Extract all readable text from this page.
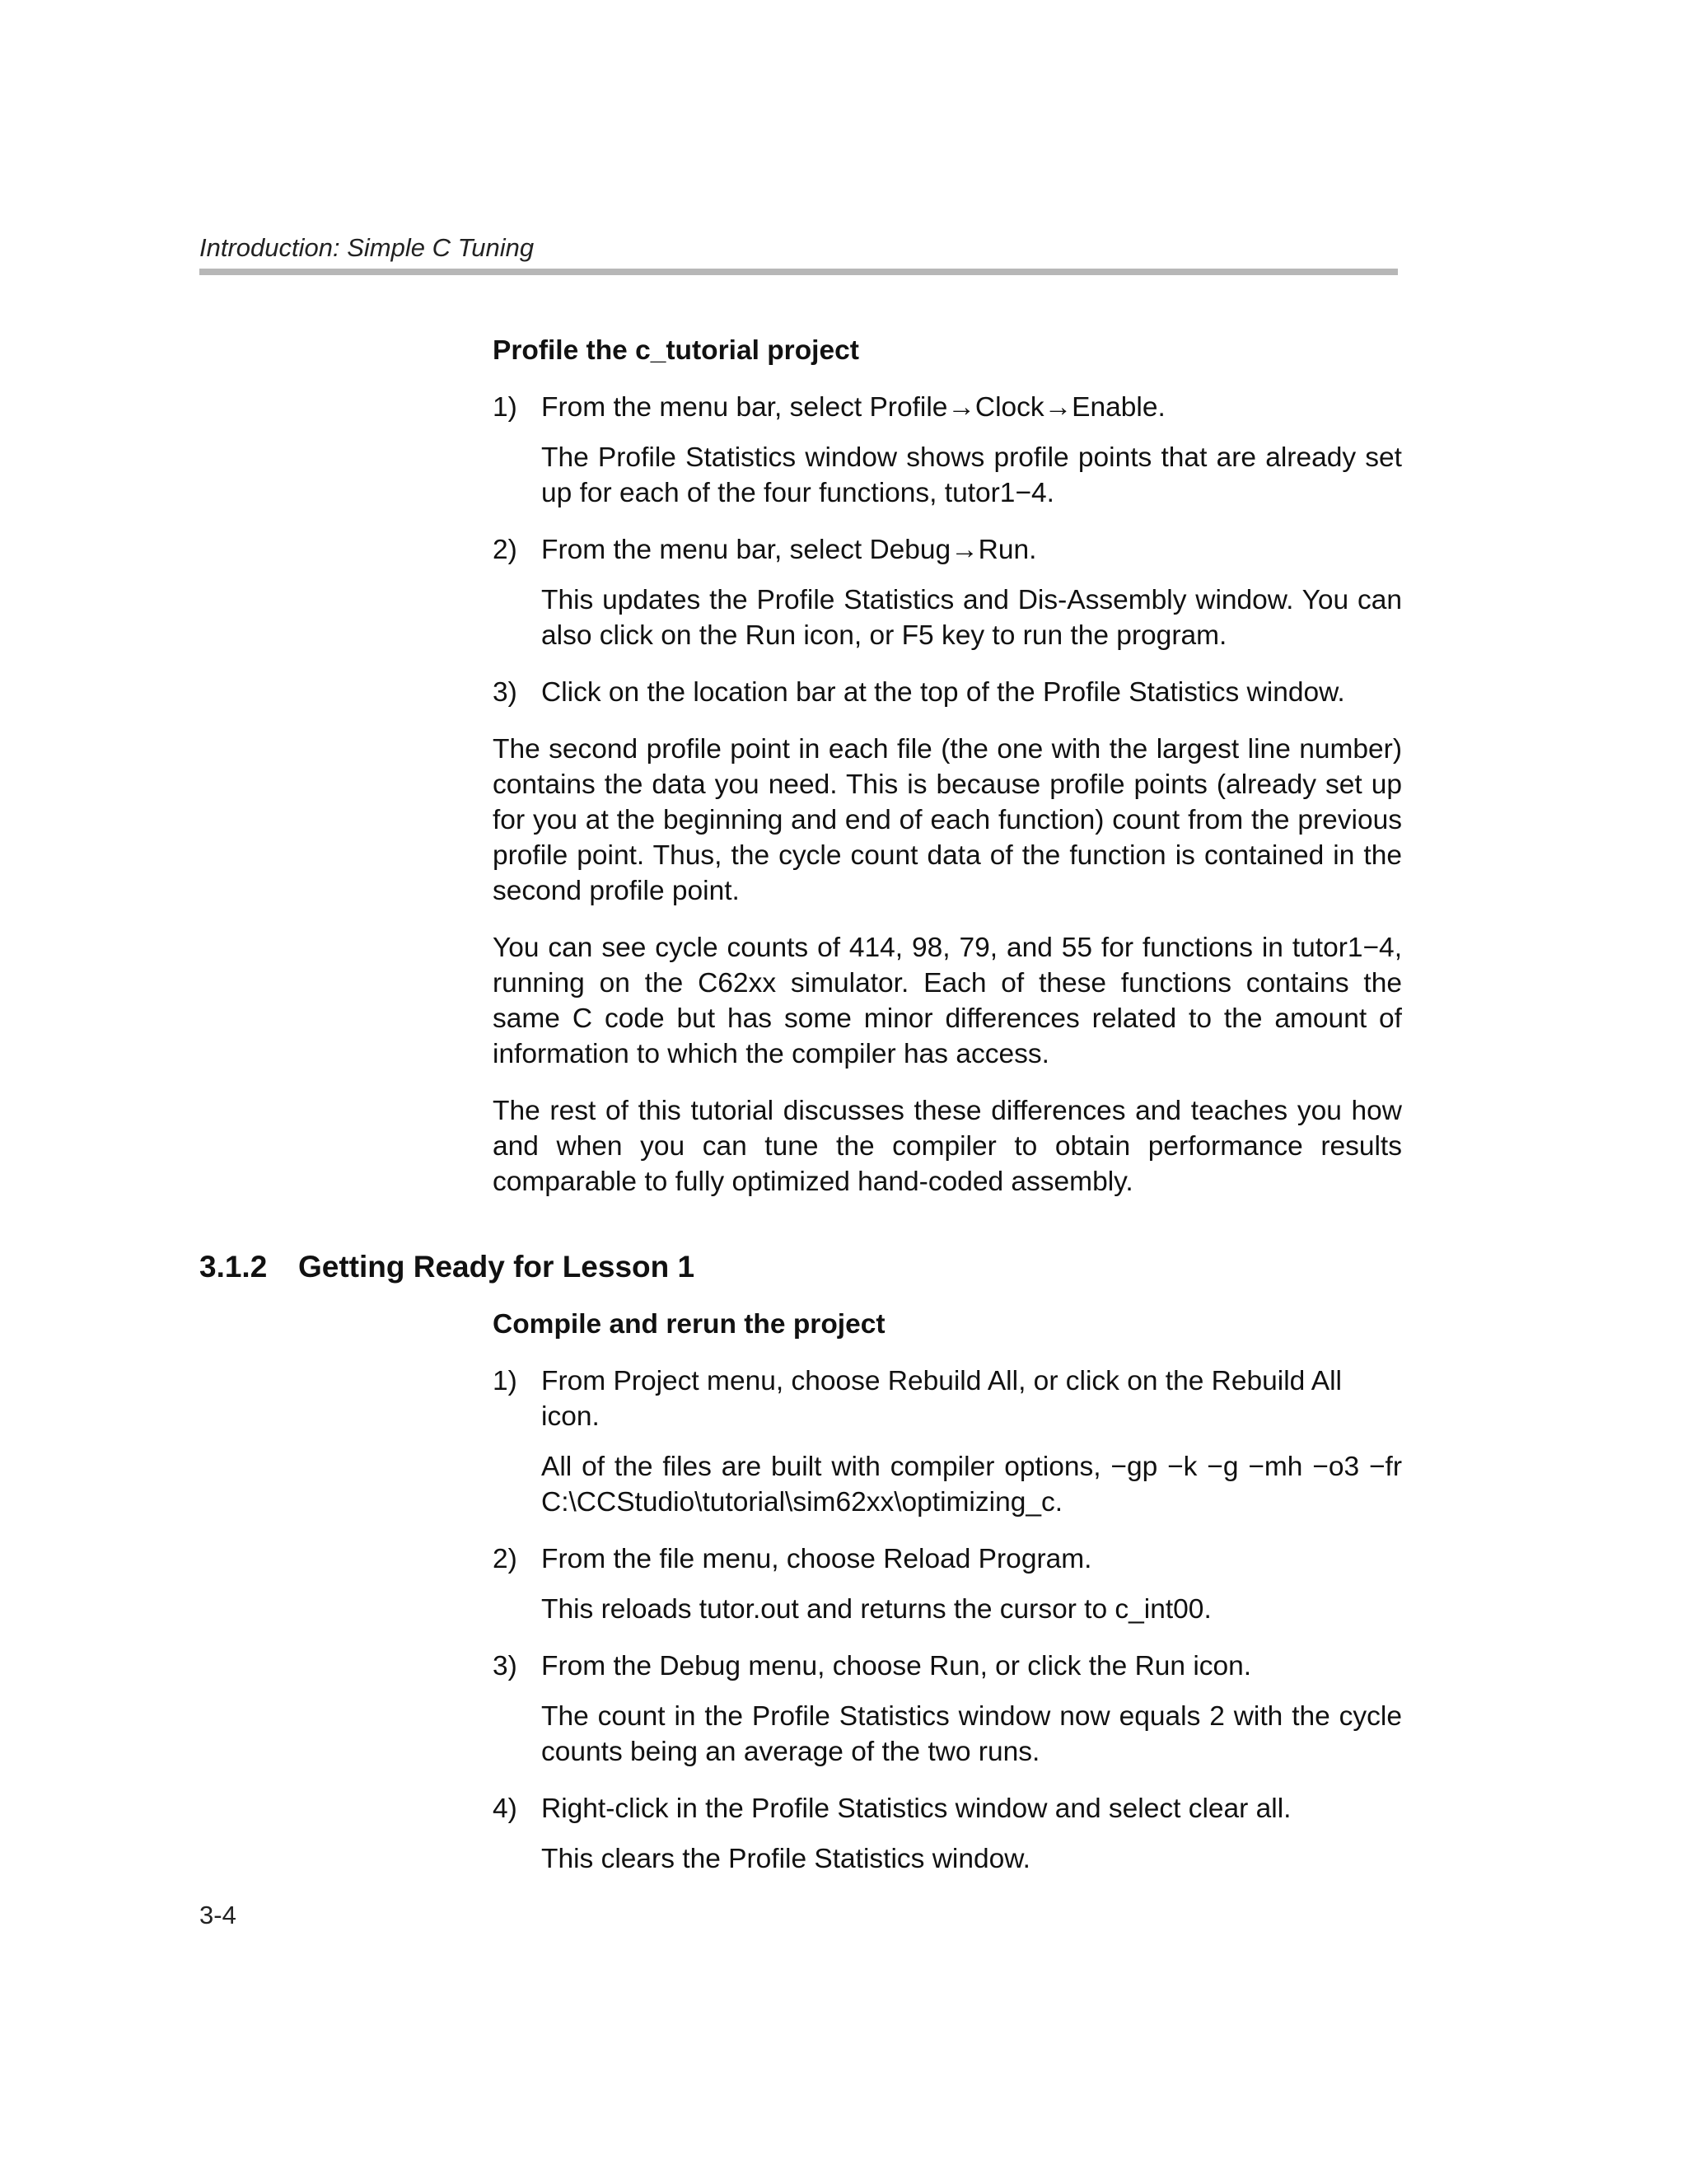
Introduction: Simple C Tuning
Profile the c_tutorial project
1) From the menu bar, select Profile→Clock→Enable.
The Profile Statistics window shows profile points that are already set up for each of the four functions, tutor1−4.
2) From the menu bar, select Debug→Run.
This updates the Profile Statistics and Dis-Assembly window. You can also click on the Run icon, or F5 key to run the program.
3) Click on the location bar at the top of the Profile Statistics window.
The second profile point in each file (the one with the largest line number) contains the data you need. This is because profile points (already set up for you at the beginning and end of each function) count from the previous profile point. Thus, the cycle count data of the function is contained in the second profile point.
You can see cycle counts of 414, 98, 79, and 55 for functions in tutor1−4, running on the C62xx simulator. Each of these functions contains the same C code but has some minor differences related to the amount of information to which the compiler has access.
The rest of this tutorial discusses these differences and teaches you how and when you can tune the compiler to obtain performance results comparable to fully optimized hand-coded assembly.
3.1.2 Getting Ready for Lesson 1
Compile and rerun the project
1) From Project menu, choose Rebuild All, or click on the Rebuild All icon.
All of the files are built with compiler options, −gp −k −g −mh −o3 −fr C:\CCStudio\tutorial\sim62xx\optimizing_c.
2) From the file menu, choose Reload Program.
This reloads tutor.out and returns the cursor to c_int00.
3) From the Debug menu, choose Run, or click the Run icon.
The count in the Profile Statistics window now equals 2 with the cycle counts being an average of the two runs.
4) Right-click in the Profile Statistics window and select clear all.
This clears the Profile Statistics window.
3-4
